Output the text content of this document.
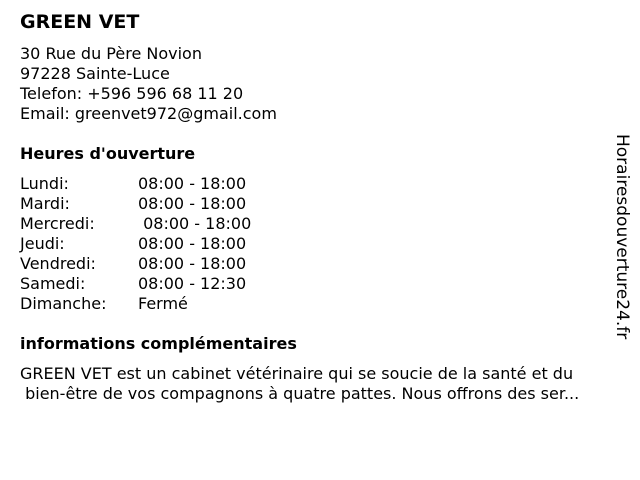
GREEN VET
30 Rue du Père Novion
97228 Sainte-Luce
Telefon: +596 596 68 11 20
Email: greenvet972@gmail.com
Heures d'ouverture
Lundi:	08:00 - 18:00
Mardi:	08:00 - 18:00
Mercredi:	08:00 - 18:00
Jeudi:	08:00 - 18:00
Vendredi:	08:00 - 18:00
Samedi:	08:00 - 12:30
Dimanche:	Fermé
informations complémentaires
GREEN VET est un cabinet vétérinaire qui se soucie de la santé et du
bien-être de vos compagnons à quatre pattes. Nous offrons des ser...
Horairesdouverture24.fr
